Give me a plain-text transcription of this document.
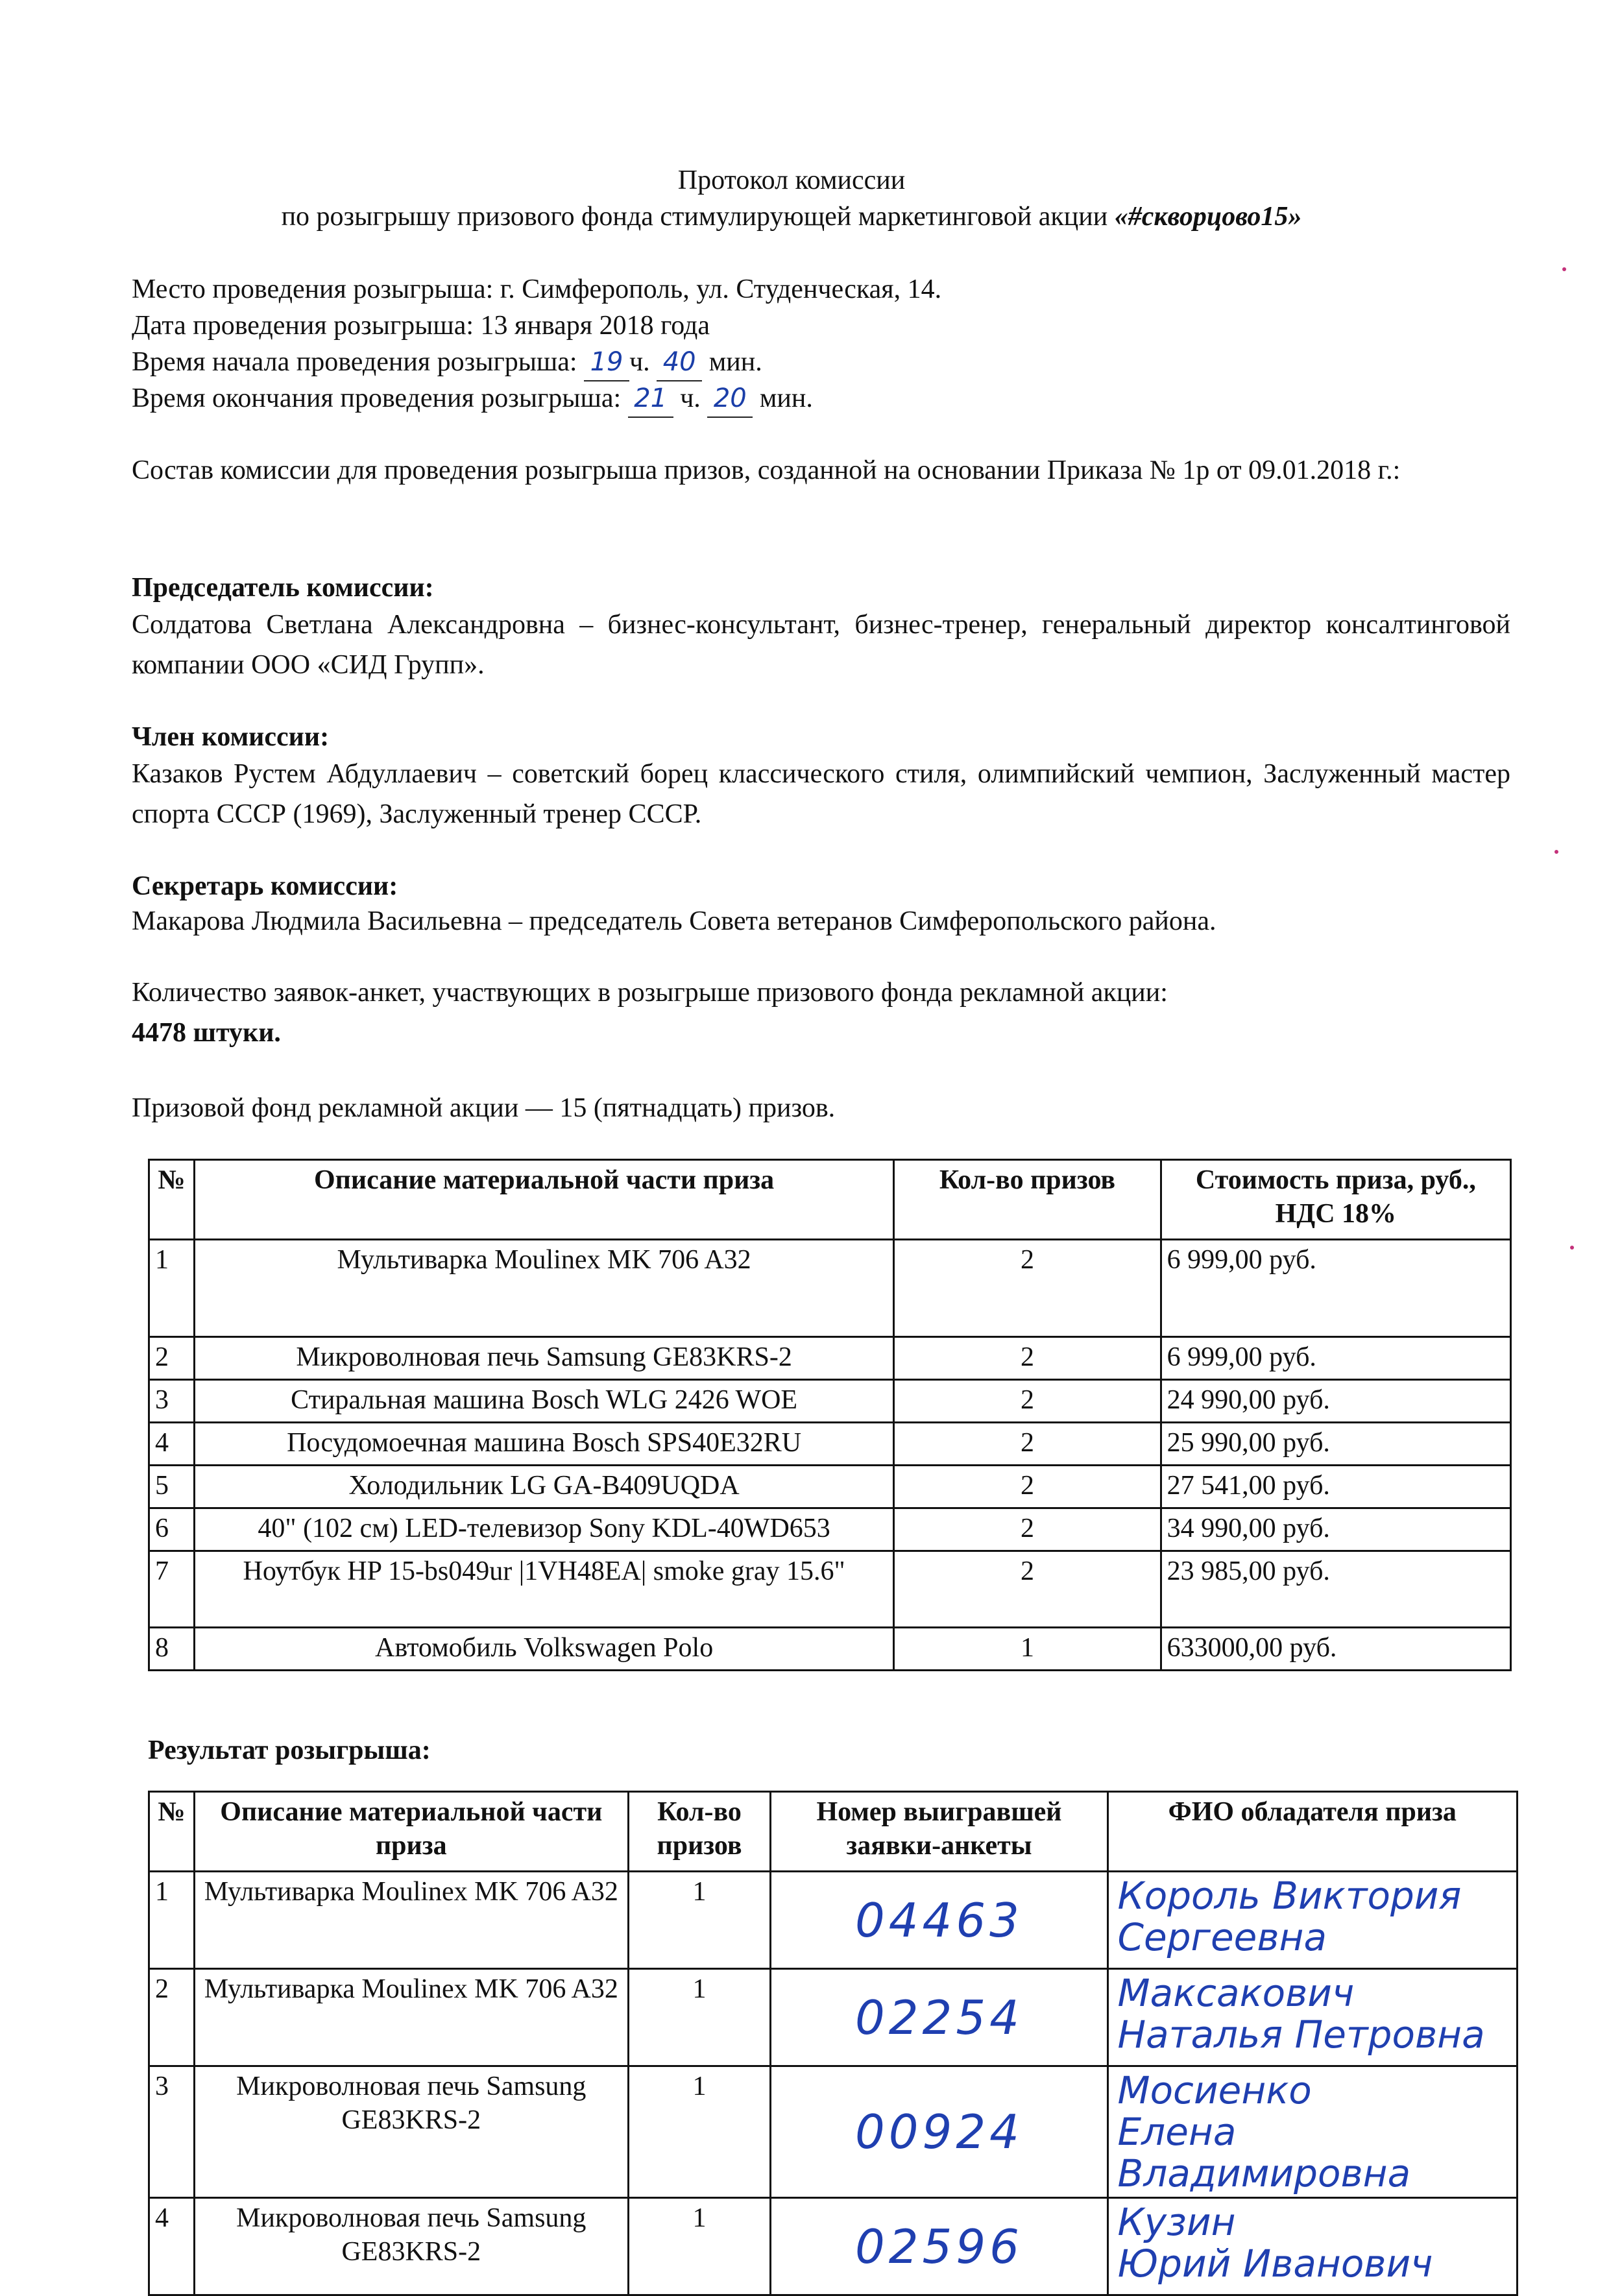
Протокол комиссии
по розыгрышу призового фонда стимулирующей маркетинговой акции «#скворцово15»
Место проведения розыгрыша: г. Симферополь, ул. Студенческая, 14.
Дата проведения розыгрыша: 13 января 2018 года
Время начала проведения розыгрыша: 19 ч. 40 мин.
Время окончания проведения розыгрыша: 21 ч. 20 мин.
Состав комиссии для проведения розыгрыша призов, созданной на основании Приказа № 1р от 09.01.2018 г.:
Председатель комиссии:
Солдатова Светлана Александровна – бизнес-консультант, бизнес-тренер, генеральный директор консалтинговой компании ООО «СИД Групп».
Член комиссии:
Казаков Рустем Абдуллаевич – советский борец классического стиля, олимпийский чемпион, Заслуженный мастер спорта СССР (1969), Заслуженный тренер СССР.
Секретарь комиссии:
Макарова Людмила Васильевна – председатель Совета ветеранов Симферопольского района.
Количество заявок-анкет, участвующих в розыгрыше призового фонда рекламной акции:
4478 штуки.
Призовой фонд рекламной акции — 15 (пятнадцать) призов.
№	Описание материальной части приза	Кол-во призов	Стоимость приза, руб., НДС 18%
1	Мультиварка Moulinex MK 706 A32	2	6 999,00 руб.
2	Микроволновая печь Samsung GE83KRS-2	2	6 999,00 руб.
3	Стиральная машина Bosch WLG 2426 WOE	2	24 990,00 руб.
4	Посудомоечная машина Bosch SPS40E32RU	2	25 990,00 руб.
5	Холодильник LG GA-B409UQDA	2	27 541,00 руб.
6	40" (102 см) LED-телевизор Sony KDL-40WD653	2	34 990,00 руб.
7	Ноутбук HP 15-bs049ur |1VH48EA| smoke gray 15.6"	2	23 985,00 руб.
8	Автомобиль Volkswagen Polo	1	633000,00 руб.
Результат розыгрыша:
№	Описание материальной части приза	Кол-во призов	Номер выигравшей заявки-анкеты	ФИО обладателя приза
1	Мультиварка Moulinex MK 706 A32	1	04463	Король Виктория
Сергеевна

2	Мультиварка Moulinex MK 706 A32	1	02254	Максакович
Наталья Петровна

3	Микроволновая печь Samsung GE83KRS-2	1	00924	Мосиенко
Елена Владимировна

4	Микроволновая печь Samsung GE83KRS-2	1	02596	Кузин
Юрий Иванович
